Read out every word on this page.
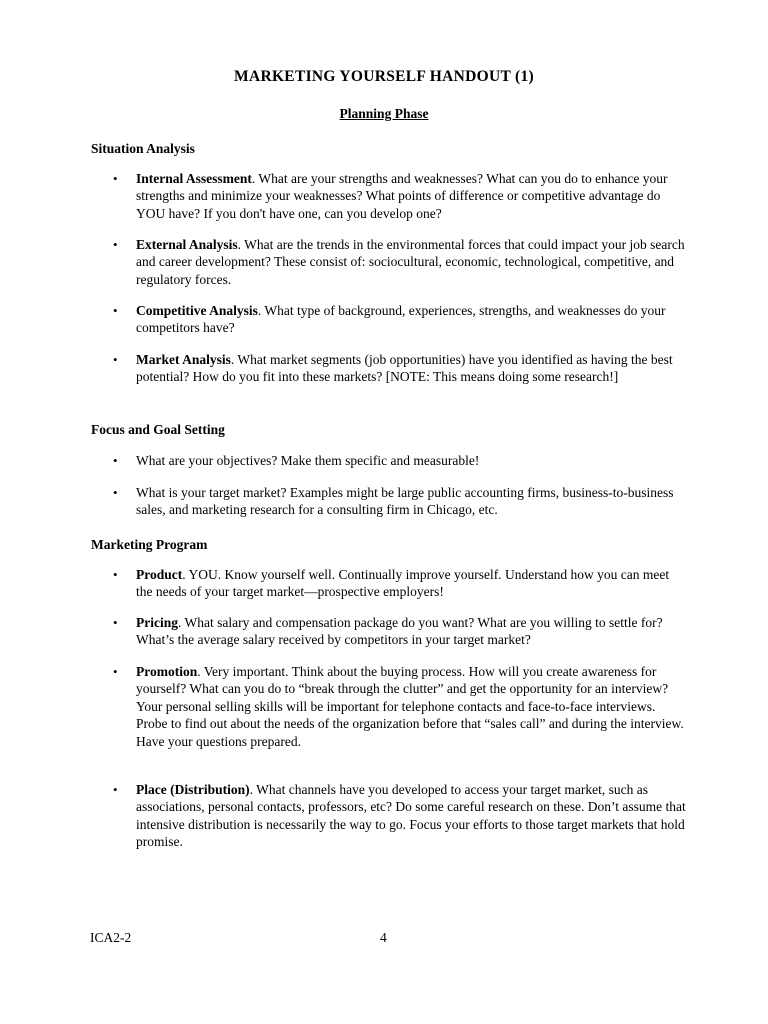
MARKETING YOURSELF HANDOUT (1)
Planning Phase
Situation Analysis
• Internal Assessment. What are your strengths and weaknesses? What can you do to enhance your strengths and minimize your weaknesses? What points of difference or competitive advantage do YOU have? If you don't have one, can you develop one?
• External Analysis. What are the trends in the environmental forces that could impact your job search and career development? These consist of: sociocultural, economic, technological, competitive, and regulatory forces.
• Competitive Analysis. What type of background, experiences, strengths, and weaknesses do your competitors have?
• Market Analysis. What market segments (job opportunities) have you identified as having the best potential? How do you fit into these markets? [NOTE: This means doing some research!]
Focus and Goal Setting
• What are your objectives? Make them specific and measurable!
• What is your target market? Examples might be large public accounting firms, business-to-business sales, and marketing research for a consulting firm in Chicago, etc.
Marketing Program
• Product. YOU. Know yourself well. Continually improve yourself. Understand how you can meet the needs of your target market—prospective employers!
• Pricing. What salary and compensation package do you want? What are you willing to settle for? What’s the average salary received by competitors in your target market?
• Promotion. Very important. Think about the buying process. How will you create awareness for yourself? What can you do to “break through the clutter” and get the opportunity for an interview? Your personal selling skills will be important for telephone contacts and face-to-face interviews. Probe to find out about the needs of the organization before that “sales call” and during the interview. Have your questions prepared.
• Place (Distribution). What channels have you developed to access your target market, such as associations, personal contacts, professors, etc? Do some careful research on these. Don’t assume that intensive distribution is necessarily the way to go. Focus your efforts to those target markets that hold promise.
ICA2-2	4
